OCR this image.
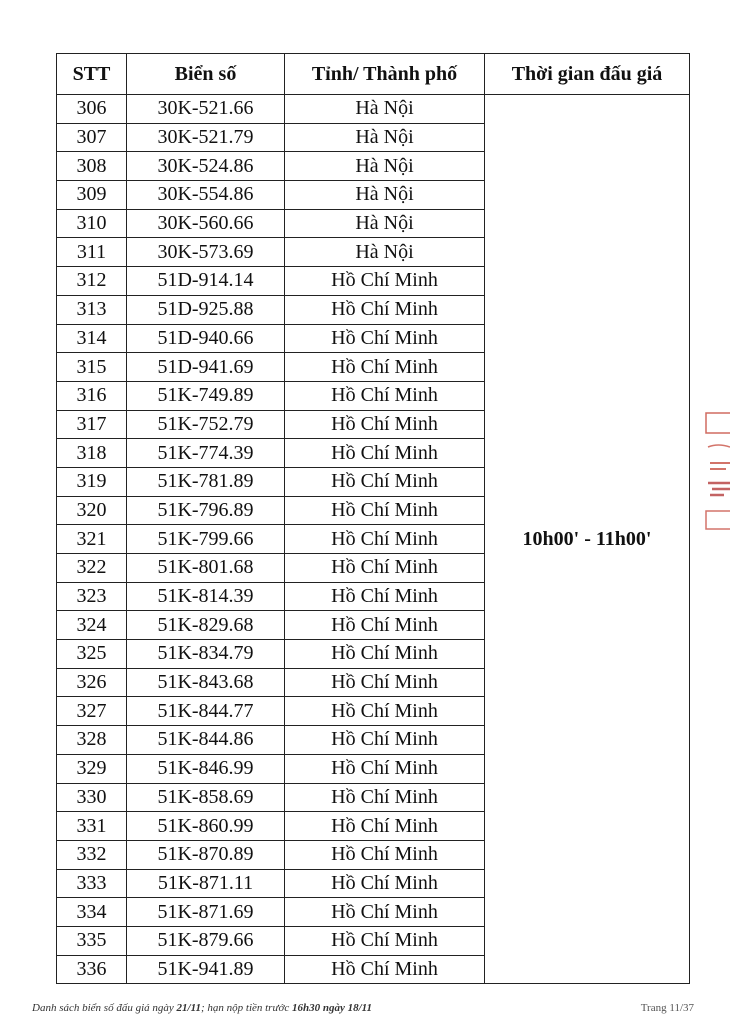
STT	Biển số	Tỉnh/ Thành phố	Thời gian đấu giá
306	30K-521.66	Hà Nội	10h00' - 11h00'
307	30K-521.79	Hà Nội	
308	30K-524.86	Hà Nội	
309	30K-554.86	Hà Nội	
310	30K-560.66	Hà Nội	
311	30K-573.69	Hà Nội	
312	51D-914.14	Hồ Chí Minh	
313	51D-925.88	Hồ Chí Minh	
314	51D-940.66	Hồ Chí Minh	
315	51D-941.69	Hồ Chí Minh	
316	51K-749.89	Hồ Chí Minh	
317	51K-752.79	Hồ Chí Minh	
318	51K-774.39	Hồ Chí Minh	
319	51K-781.89	Hồ Chí Minh	
320	51K-796.89	Hồ Chí Minh	
321	51K-799.66	Hồ Chí Minh	
322	51K-801.68	Hồ Chí Minh	
323	51K-814.39	Hồ Chí Minh	
324	51K-829.68	Hồ Chí Minh	
325	51K-834.79	Hồ Chí Minh	
326	51K-843.68	Hồ Chí Minh	
327	51K-844.77	Hồ Chí Minh	
328	51K-844.86	Hồ Chí Minh	
329	51K-846.99	Hồ Chí Minh	
330	51K-858.69	Hồ Chí Minh	
331	51K-860.99	Hồ Chí Minh	
332	51K-870.89	Hồ Chí Minh	
333	51K-871.11	Hồ Chí Minh	
334	51K-871.69	Hồ Chí Minh	
335	51K-879.66	Hồ Chí Minh	
336	51K-941.89	Hồ Chí Minh	
Danh sách biển số đấu giá ngày 21/11; hạn nộp tiền trước 16h30 ngày 18/11	Trang 11/37
